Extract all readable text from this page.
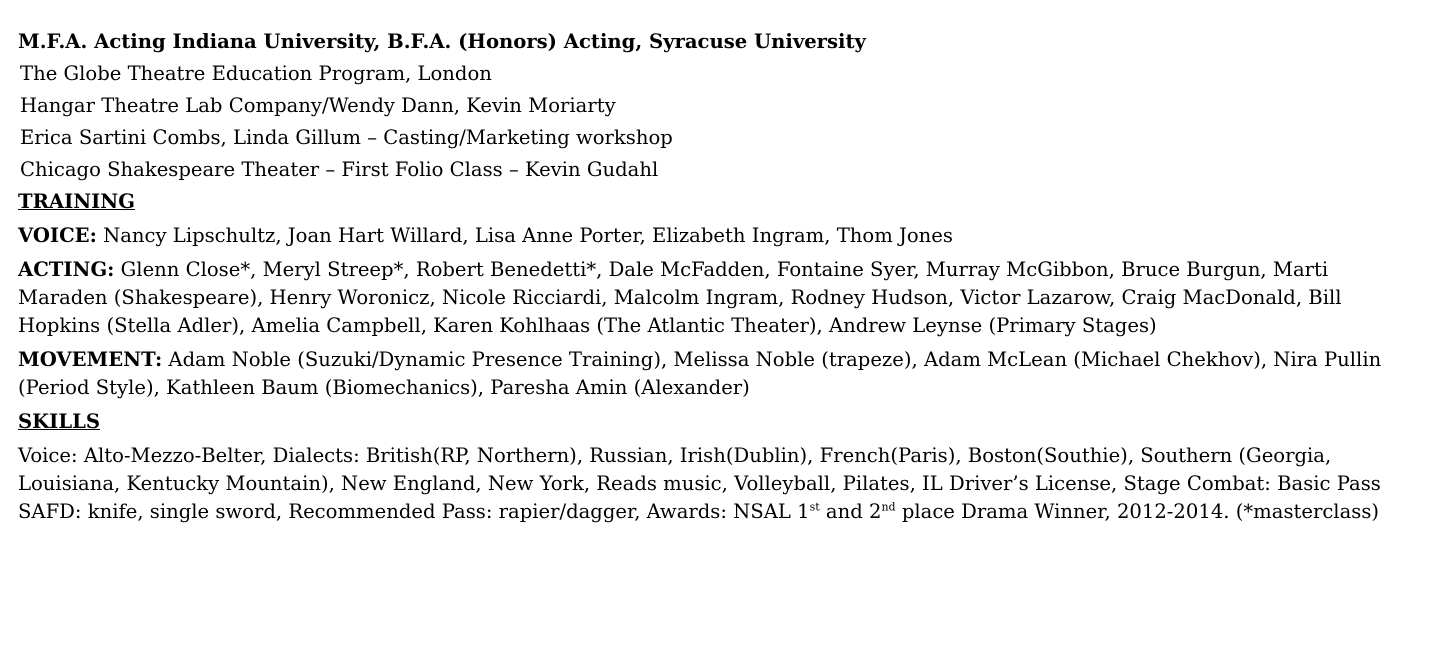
M.F.A. Acting Indiana University, B.F.A. (Honors) Acting, Syracuse University
The Globe Theatre Education Program, London
Hangar Theatre Lab Company/Wendy Dann, Kevin Moriarty
Erica Sartini Combs, Linda Gillum – Casting/Marketing workshop
Chicago Shakespeare Theater – First Folio Class – Kevin Gudahl
TRAINING
VOICE: Nancy Lipschultz, Joan Hart Willard, Lisa Anne Porter, Elizabeth Ingram, Thom Jones
ACTING: Glenn Close*, Meryl Streep*, Robert Benedetti*, Dale McFadden, Fontaine Syer, Murray McGibbon, Bruce Burgun, Marti Maraden (Shakespeare), Henry Woronicz, Nicole Ricciardi, Malcolm Ingram, Rodney Hudson, Victor Lazarow, Craig MacDonald, Bill Hopkins (Stella Adler), Amelia Campbell, Karen Kohlhaas (The Atlantic Theater), Andrew Leynse (Primary Stages)
MOVEMENT: Adam Noble (Suzuki/Dynamic Presence Training), Melissa Noble (trapeze), Adam McLean (Michael Chekhov), Nira Pullin (Period Style), Kathleen Baum (Biomechanics), Paresha Amin (Alexander)
SKILLS
Voice: Alto-Mezzo-Belter, Dialects: British(RP, Northern), Russian, Irish(Dublin), French(Paris), Boston(Southie), Southern (Georgia, Louisiana, Kentucky Mountain), New England, New York, Reads music, Volleyball, Pilates, IL Driver’s License, Stage Combat: Basic Pass SAFD: knife, single sword, Recommended Pass: rapier/dagger, Awards: NSAL 1st and 2nd place Drama Winner, 2012-2014. (*masterclass)
